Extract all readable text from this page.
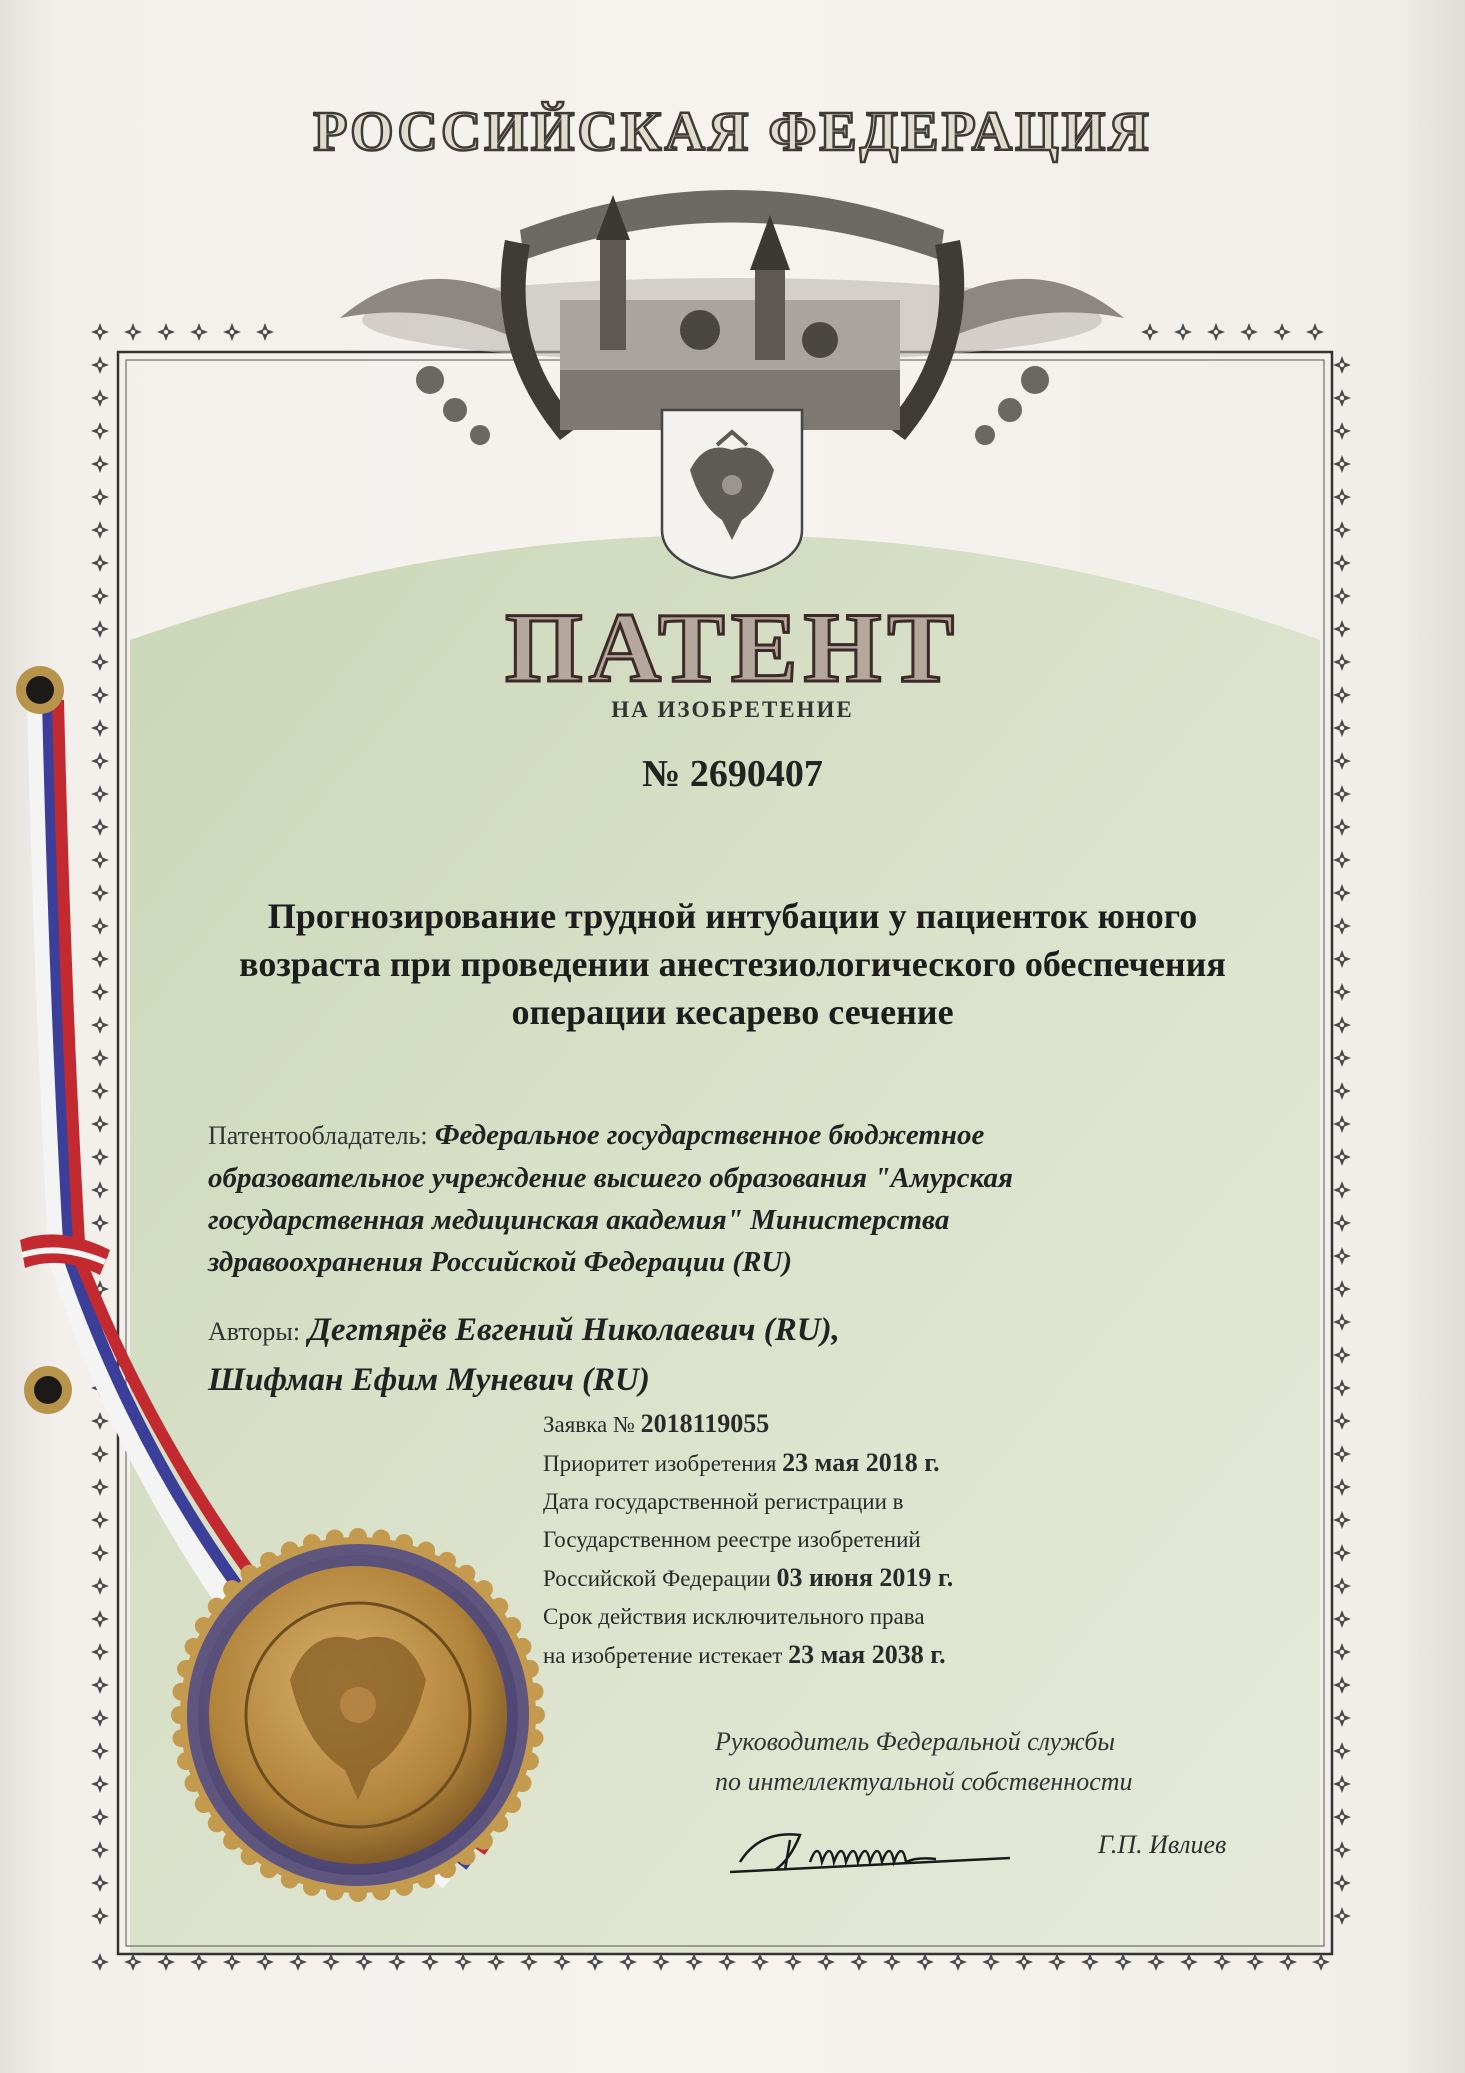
РОССИЙСКАЯ ФЕДЕРАЦИЯ
ПАТЕНТ
НА ИЗОБРЕТЕНИЕ
№ 2690407
Прогнозирование трудной интубации у пациенток юного
возраста при проведении анестезиологического обеспечения
операции кесарево сечение
Патентообладатель: Федеральное государственное бюджетное
образовательное учреждение высшего образования "Амурская
государственная медицинская академия" Министерства
здравоохранения Российской Федерации (RU)
Авторы: Дегтярёв Евгений Николаевич (RU),
Шифман Ефим Муневич (RU)
Заявка № 2018119055
Приоритет изобретения 23 мая 2018 г.
Дата государственной регистрации в
Государственном реестре изобретений
Российской Федерации 03 июня 2019 г.
Срок действия исключительного права
на изобретение истекает 23 мая 2038 г.
Руководитель Федеральной службы
по интеллектуальной собственности
Г.П. Ивлиев
